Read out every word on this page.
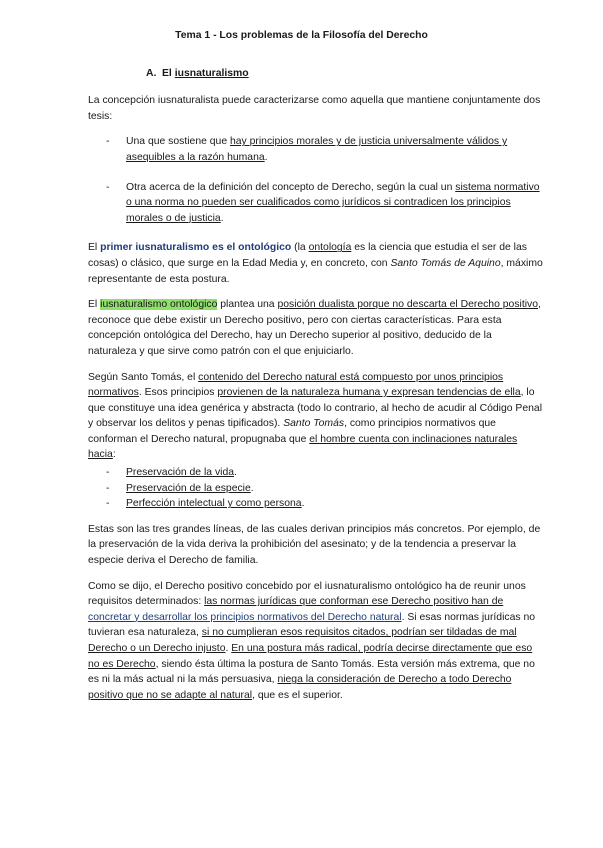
Tema 1 - Los problemas de la Filosofía del Derecho
A. El iusnaturalismo

La concepción iusnaturalista puede caracterizarse como aquella que mantiene conjuntamente dos tesis:

- Una que sostiene que hay principios morales y de justicia universalmente válidos y asequibles a la razón humana.
- Otra acerca de la definición del concepto de Derecho, según la cual un sistema normativo o una norma no pueden ser cualificados como jurídicos si contradicen los principios morales o de justicia.

El primer iusnaturalismo es el ontológico (la ontología es la ciencia que estudia el ser de las cosas) o clásico, que surge en la Edad Media y, en concreto, con Santo Tomás de Aquino, máximo representante de esta postura.

El iusnaturalismo ontológico plantea una posición dualista porque no descarta el Derecho positivo, reconoce que debe existir un Derecho positivo, pero con ciertas características. Para esta concepción ontológica del Derecho, hay un Derecho superior al positivo, deducido de la naturaleza y que sirve como patrón con el que enjuiciarlo.

Según Santo Tomás, el contenido del Derecho natural está compuesto por unos principios normativos. Esos principios provienen de la naturaleza humana y expresan tendencias de ella, lo que constituye una idea genérica y abstracta (todo lo contrario, al hecho de acudir al Código Penal y observar los delitos y penas tipificados). Santo Tomás, como principios normativos que conforman el Derecho natural, propugnaba que el hombre cuenta con inclinaciones naturales hacia:

- Preservación de la vida.
- Preservación de la especie.
- Perfección intelectual y como persona.

Estas son las tres grandes líneas, de las cuales derivan principios más concretos. Por ejemplo, de la preservación de la vida deriva la prohibición del asesinato; y de la tendencia a preservar la especie deriva el Derecho de familia.

Como se dijo, el Derecho positivo concebido por el iusnaturalismo ontológico ha de reunir unos requisitos determinados: las normas jurídicas que conforman ese Derecho positivo han de concretar y desarrollar los principios normativos del Derecho natural. Si esas normas jurídicas no tuvieran esa naturaleza, si no cumplieran esos requisitos citados, podrían ser tildadas de mal Derecho o un Derecho injusto. En una postura más radical, podría decirse directamente que eso no es Derecho, siendo ésta última la postura de Santo Tomás. Esta versión más extrema, que no es ni la más actual ni la más persuasiva, niega la consideración de Derecho a todo Derecho positivo que no se adapte al natural, que es el superior.
